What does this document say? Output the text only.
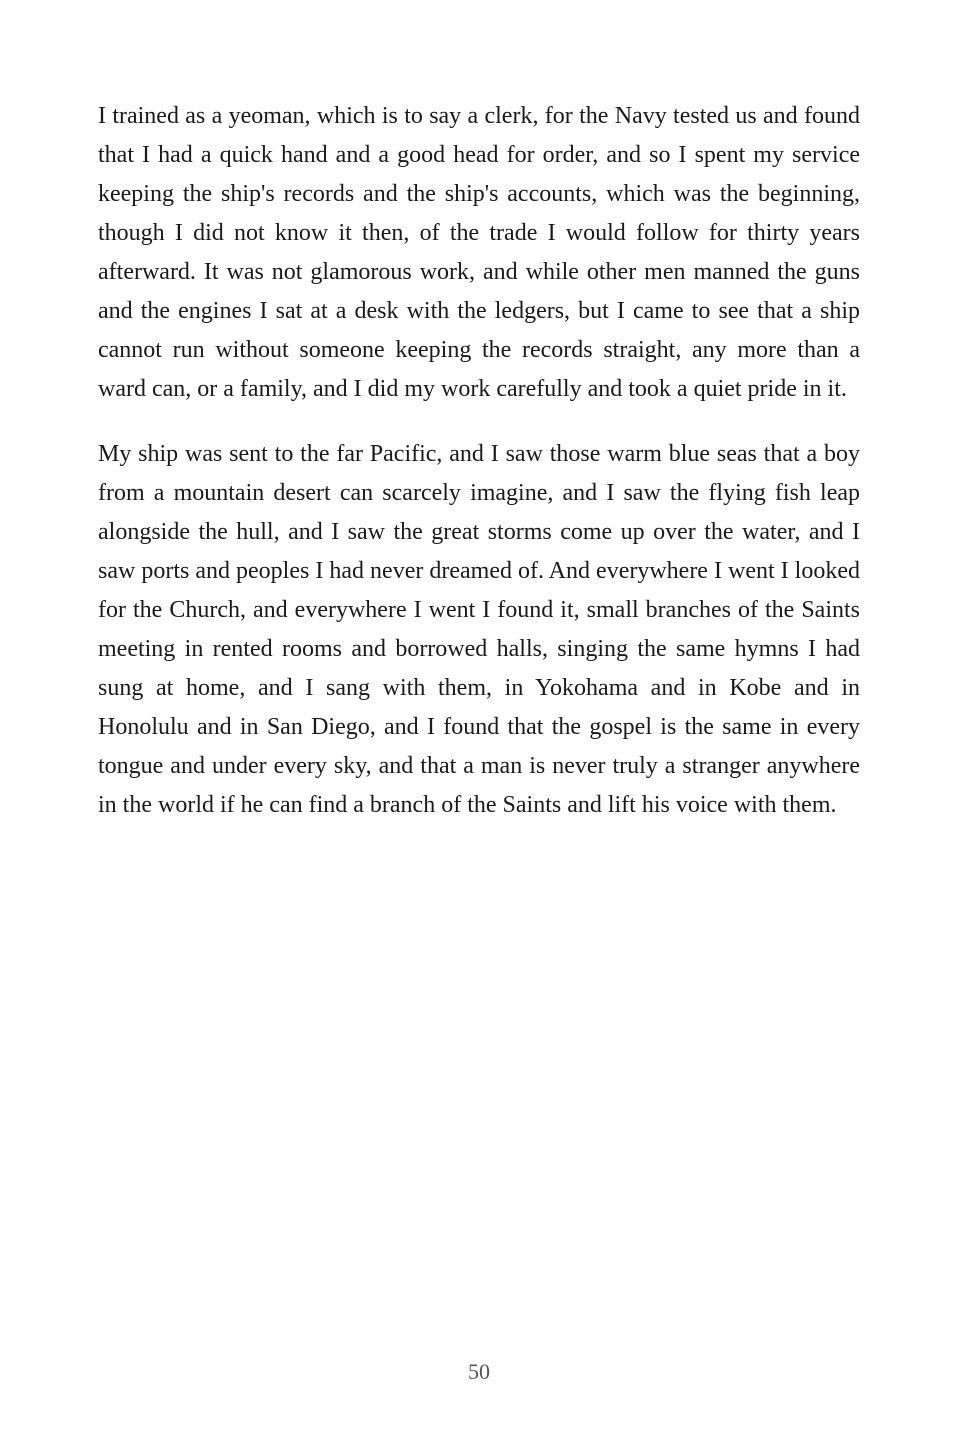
I trained as a yeoman, which is to say a clerk, for the Navy tested us and found that I had a quick hand and a good head for order, and so I spent my service keeping the ship's records and the ship's accounts, which was the beginning, though I did not know it then, of the trade I would follow for thirty years afterward. It was not glamorous work, and while other men manned the guns and the engines I sat at a desk with the ledgers, but I came to see that a ship cannot run without someone keeping the records straight, any more than a ward can, or a family, and I did my work carefully and took a quiet pride in it.

My ship was sent to the far Pacific, and I saw those warm blue seas that a boy from a mountain desert can scarcely imagine, and I saw the flying fish leap alongside the hull, and I saw the great storms come up over the water, and I saw ports and peoples I had never dreamed of. And everywhere I went I looked for the Church, and everywhere I went I found it, small branches of the Saints meeting in rented rooms and borrowed halls, singing the same hymns I had sung at home, and I sang with them, in Yokohama and in Kobe and in Honolulu and in San Diego, and I found that the gospel is the same in every tongue and under every sky, and that a man is never truly a stranger anywhere in the world if he can find a branch of the Saints and lift his voice with them.

50
